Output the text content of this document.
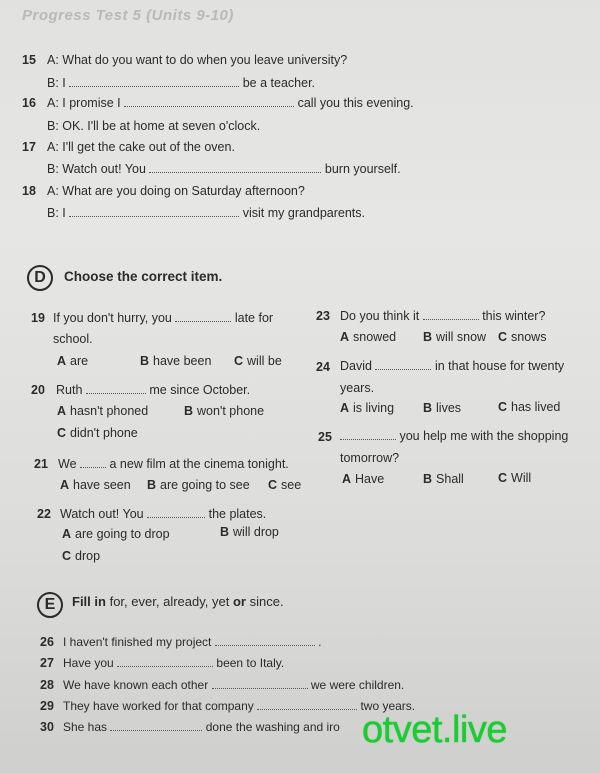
Progress Test 5 (Units 9-10)
15 A: What do you want to do when you leave university?
B: I	be a teacher.
16 A: I promise I	call you this evening.
B: OK. I'll be at home at seven o'clock.
17 A: I'll get the cake out of the oven.
B: Watch out! You	burn yourself.
18 A: What are you doing on Saturday afternoon?
B: I	visit my grandparents.
D	Choose the correct item.
19 If you don't hurry, you	late for
school.
A are	B have been C will be
20 Ruth	me since October.
A hasn't phoned	B won't phone
C didn't phone
21 We	a new film at the cinema tonight.
A have seen B are going to see C see
22 Watch out! You	the plates.
A are going to drop	B will drop
C drop
23 Do you think it	this winter?
A snowed B will snow C snows
24 David	in that house for twenty
years.
A is living B lives	C has lived
25	you help me with the shopping
tomorrow?
A Have	B Shall	C Will
E	Fill in for, ever, already, yet or since.
26 I haven't finished my project	.
27 Have you	been to Italy.
28 We have known each other	we were children.
29 They have worked for that company	two years.
30 She has	done the washing and iro otvet.live
